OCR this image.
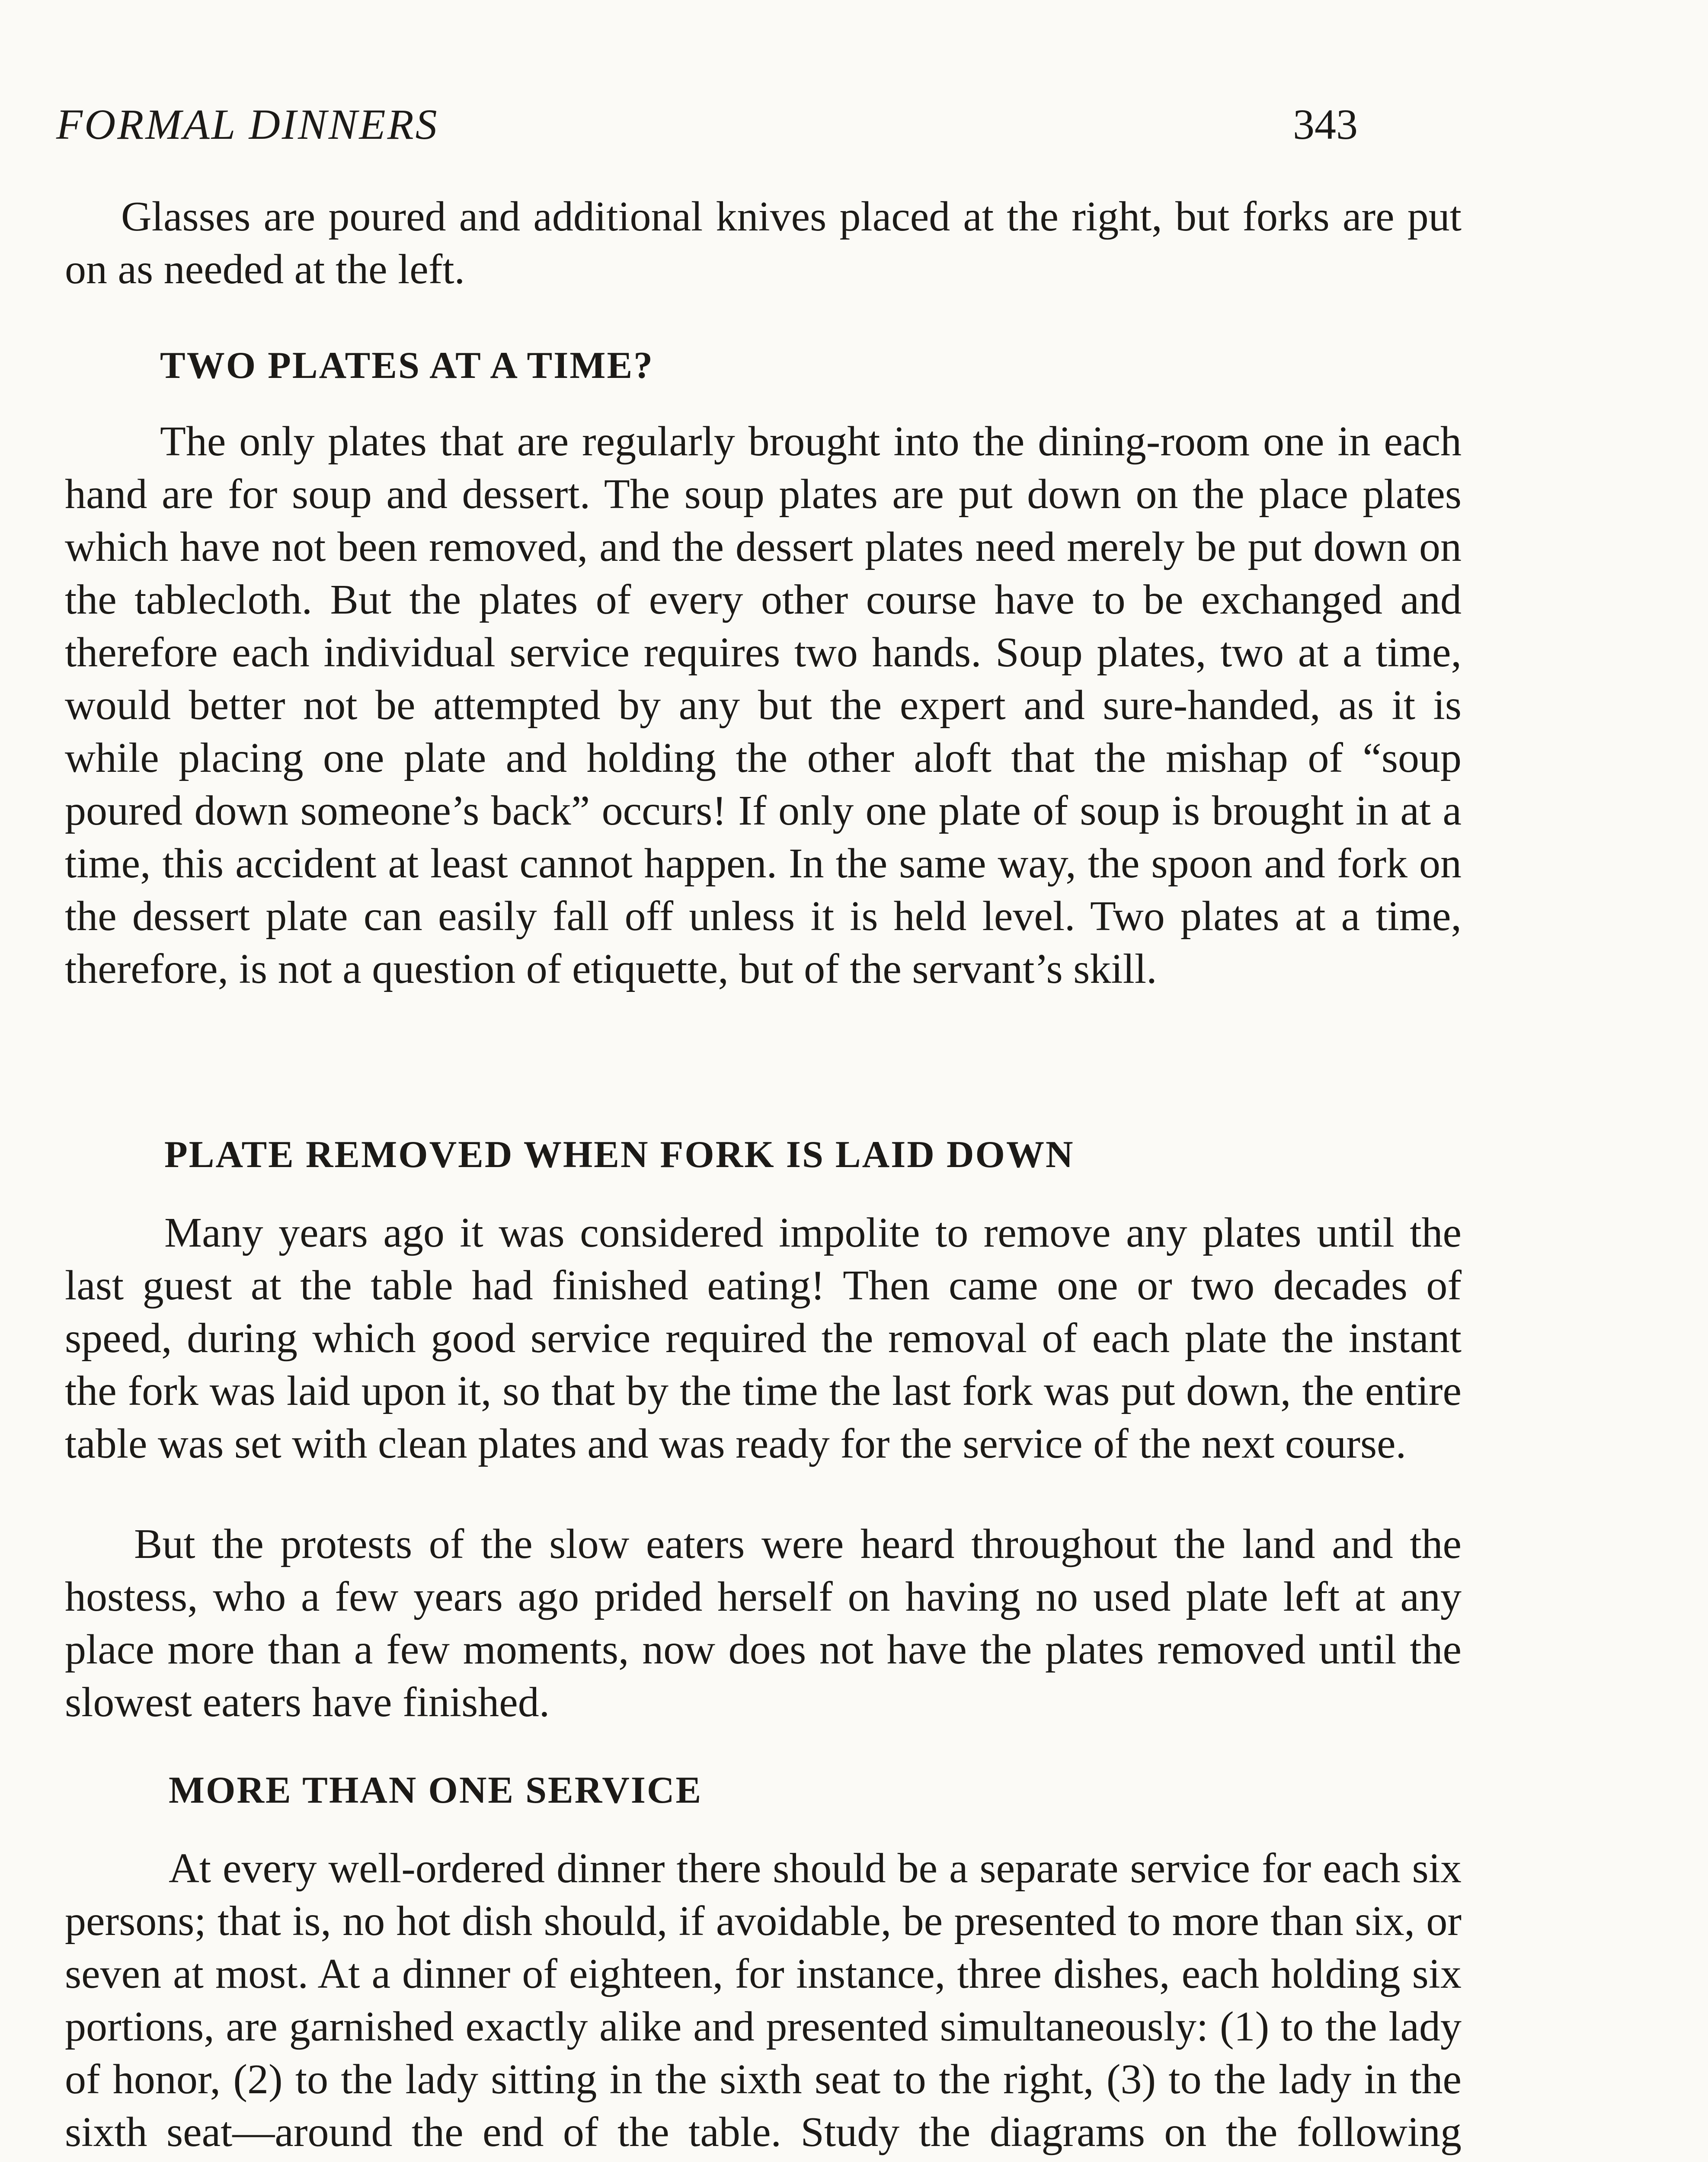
FORMAL DINNERS	343

Glasses are poured and additional knives placed at the right, but forks are put on as needed at the left.

TWO PLATES AT A TIME?

The only plates that are regularly brought into the dining-room one in each hand are for soup and dessert. The soup plates are put down on the place plates which have not been removed, and the dessert plates need merely be put down on the tablecloth. But the plates of every other course have to be exchanged and therefore each individual service requires two hands. Soup plates, two at a time, would better not be attempted by any but the expert and sure-handed, as it is while placing one plate and holding the other aloft that the mishap of “soup poured down someone’s back” occurs! If only one plate of soup is brought in at a time, this accident at least cannot happen. In the same way, the spoon and fork on the dessert plate can easily fall off unless it is held level. Two plates at a time, therefore, is not a question of etiquette, but of the servant’s skill.

PLATE REMOVED WHEN FORK IS LAID DOWN

Many years ago it was considered impolite to remove any plates until the last guest at the table had finished eating! Then came one or two decades of speed, during which good service required the removal of each plate the instant the fork was laid upon it, so that by the time the last fork was put down, the entire table was set with clean plates and was ready for the service of the next course.

But the protests of the slow eaters were heard throughout the land and the hostess, who a few years ago prided herself on having no used plate left at any place more than a few moments, now does not have the plates removed until the slowest eaters have finished.

MORE THAN ONE SERVICE

At every well-ordered dinner there should be a separate service for each six persons; that is, no hot dish should, if avoidable, be presented to more than six, or seven at most. At a dinner of eighteen, for instance, three dishes, each holding six portions, are garnished exactly alike and presented simultaneously: (1) to the lady of honor, (2) to the lady sitting in the sixth seat to the right, (3) to the lady in the sixth seat—around the end of the table. Study the diagrams on the following
